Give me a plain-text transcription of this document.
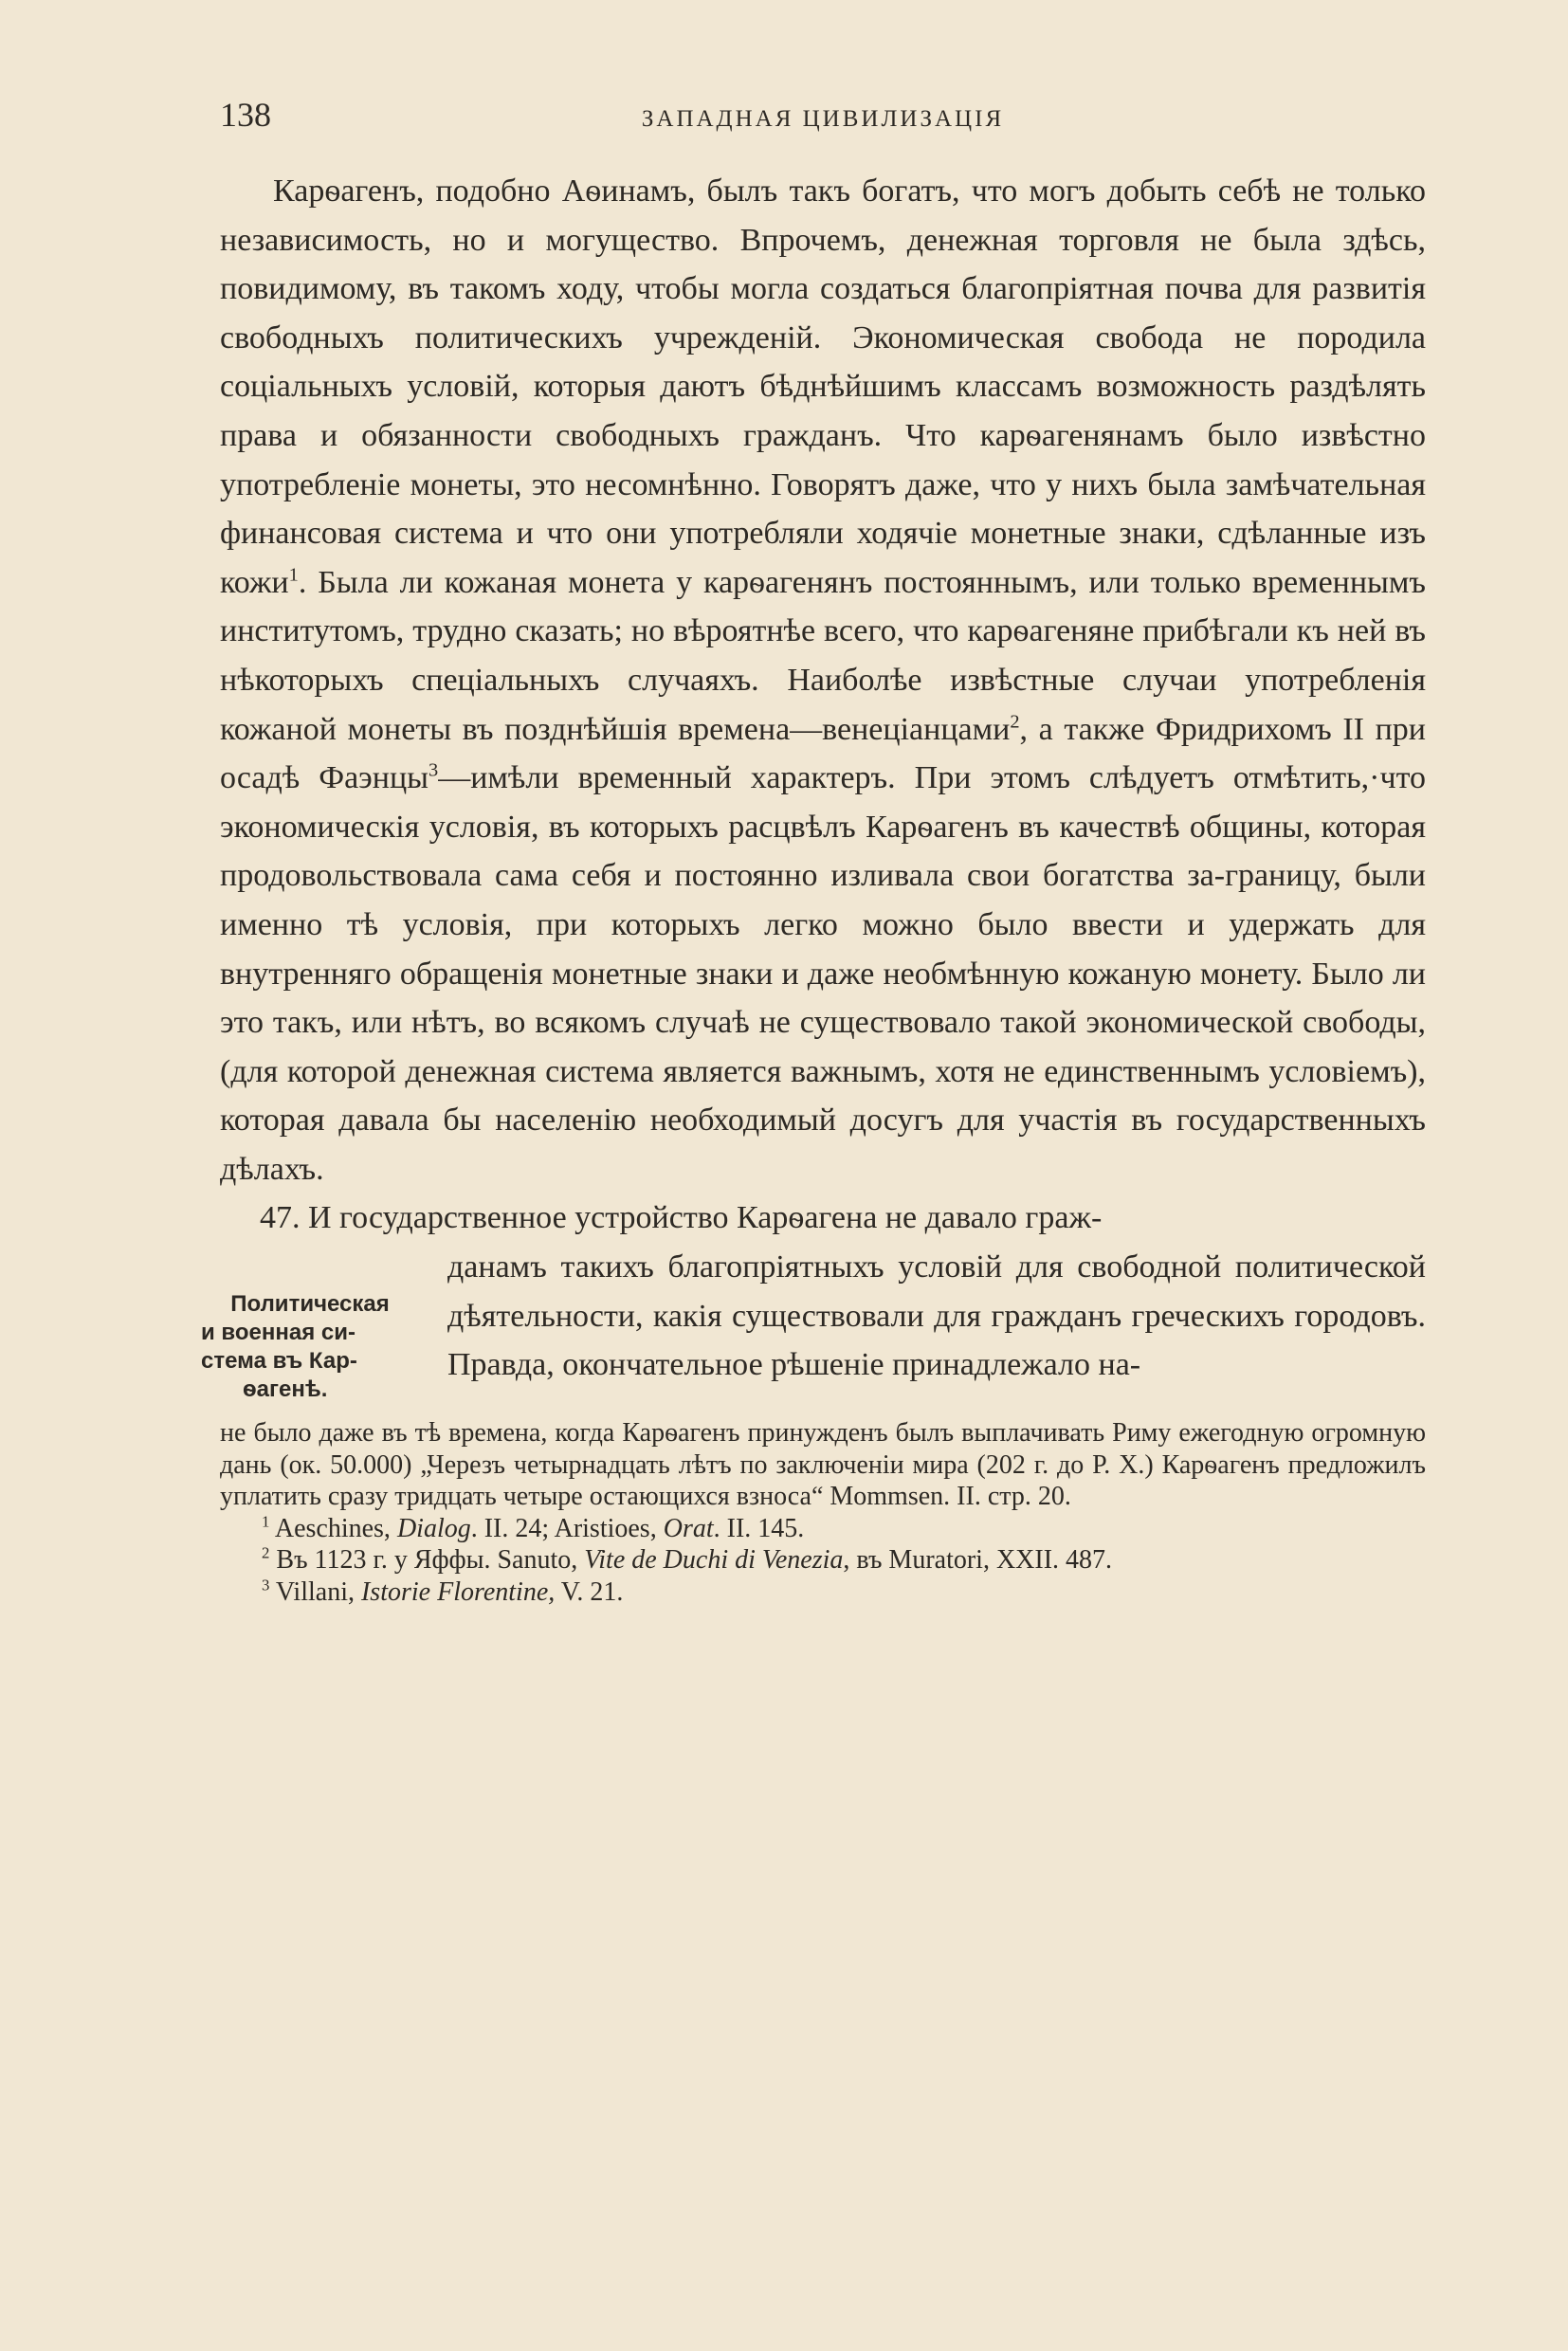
138	ЗАПАДНАЯ ЦИВИЛИЗАЦІЯ

Карѳагенъ, подобно Аѳинамъ, былъ такъ богатъ, что могъ добыть себѣ не только независимость, но и могущество. Впрочемъ, денежная торговля не была здѣсь, повидимому, въ такомъ ходу, чтобы могла создаться благопріятная почва для развитія свободныхъ политическихъ учрежденій. Экономическая свобода не породила соціальныхъ условій, которыя даютъ бѣднѣйшимъ классамъ возможность раздѣлять права и обязанности свободныхъ гражданъ. Что карѳагенянамъ было извѣстно употребленіе монеты, это несомнѣнно. Говорятъ даже, что у нихъ была замѣчательная финансовая система и что они употребляли ходячіе монетные знаки, сдѣланные изъ кожи$^1$. Была ли кожаная монета у карѳагенянъ постояннымъ, или только временнымъ институтомъ, трудно сказать; но вѣроятнѣе всего, что карѳагеняне прибѣгали къ ней въ нѣкоторыхъ спеціальныхъ случаяхъ. Наиболѣе извѣстные случаи употребленія кожаной монеты въ позднѣйшія времена—венеціанцами$^2$, а также Фридрихомъ II при осадѣ Фаэнцы$^3$—имѣли временный характеръ. При этомъ слѣдуетъ отмѣтить,·что экономическія условія, въ которыхъ расцвѣлъ Карѳагенъ въ качествѣ общины, которая продовольствовала сама себя и постоянно изливала свои богатства за-границу, были именно тѣ условія, при которыхъ легко можно было ввести и удержать для внутренняго обращенія монетные знаки и даже необмѣнную кожаную монету. Было ли это такъ, или нѣтъ, во всякомъ случаѣ не существовало такой экономической свободы, (для которой денежная система является важнымъ, хотя не единственнымъ условіемъ), которая давала бы населенію необходимый досугъ для участія въ государственныхъ дѣлахъ.

47. И государственное устройство Карѳагена не давало граж-

Политическая
и военная си-
стема въ Кар-
ѳагенѣ.
данамъ такихъ благопріятныхъ условій для свободной политической дѣятельности, какія существовали для гражданъ греческихъ городовъ. Правда, окончательное рѣшеніе принадлежало на-

не было даже въ тѣ времена, когда Карѳагенъ принужденъ былъ выплачивать Риму ежегодную огромную дань (ок. 50.000) „Черезъ четырнадцать лѣтъ по заключеніи мира (202 г. до Р. Х.) Карѳагенъ предложилъ уплатить сразу тридцать четыре остающихся взноса“ Mommsen. II. стр. 20.

$^1$ Aeschines, Dialog. II. 24; Aristiоes, Orat. II. 145.

$^2$ Въ 1123 г. у Яффы. Sanuto, Vite de Duchi di Venezia, въ Muratori, XXII. 487.

$^3$ Villani, Istorie Florentine, V. 21.
